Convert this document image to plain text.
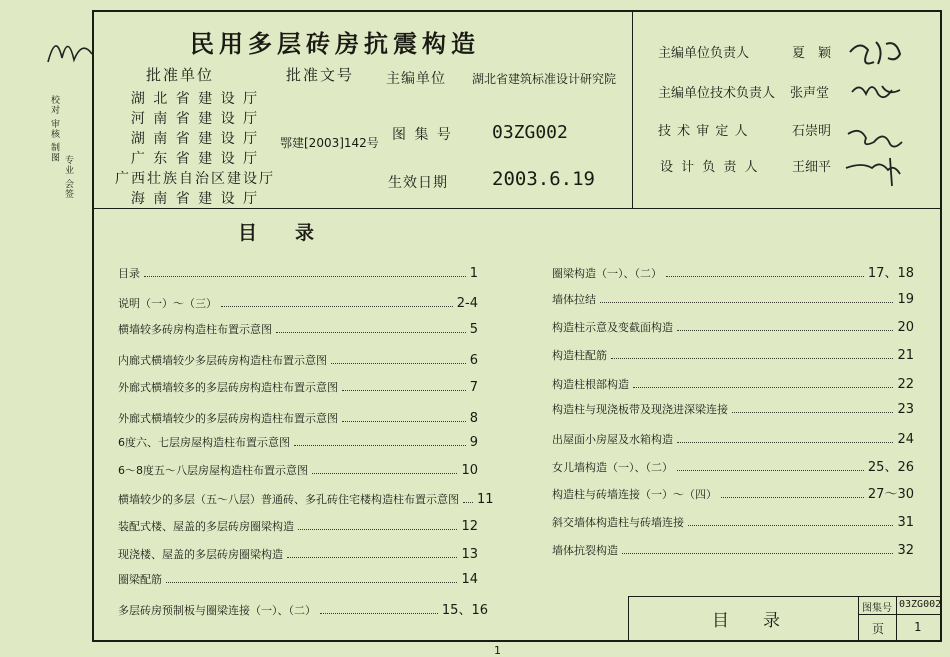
校对 审核 制图
专业 会签
民用多层砖房抗震构造
批准单位
湖 北 省 建 设 厅
河 南 省 建 设 厅
湖 南 省 建 设 厅
广 东 省 建 设 厅
广西壮族自治区建设厅
海 南 省 建 设 厅
批准文号
鄂建[2003]142号
主编单位 湖北省建筑标准设计研究院
图 集 号 03ZG002
生效日期 2003.6.19
主编单位负责人	夏　颖
主编单位技术负责人 张声堂
技 术 审 定 人	石崇明
设 计 负 责 人 王细平
目　　录
目录	1
说明（一）～（三）	2-4
横墙较多砖房构造柱布置示意图	5
内廊式横墙较少多层砖房构造柱布置示意图	6
外廊式横墙较多的多层砖房构造柱布置示意图	7
外廊式横墙较少的多层砖房构造柱布置示意图	8
6度六、七层房屋构造柱布置示意图	9
6～8度五～八层房屋构造柱布置示意图	10
横墙较少的多层（五～八层）普通砖、多孔砖住宅楼构造柱布置示意图 11
装配式楼、屋盖的多层砖房圈梁构造	12
现浇楼、屋盖的多层砖房圈梁构造	13
圈梁配筋	14
多层砖房预制板与圈梁连接（一）、（二）	15、16
圈梁构造（一）、（二）	17、18
墙体拉结	19
构造柱示意及变截面构造	20
构造柱配筋	21
构造柱根部构造	22
构造柱与现浇板带及现浇进深梁连接	23
出屋面小房屋及水箱构造	24
女儿墙构造（一）、（二）	25、26
构造柱与砖墙连接（一）～（四）	27～30
斜交墙体构造柱与砖墙连接	31
墙体抗裂构造	32
目　　录
图集号 03ZG002
页 1
1
